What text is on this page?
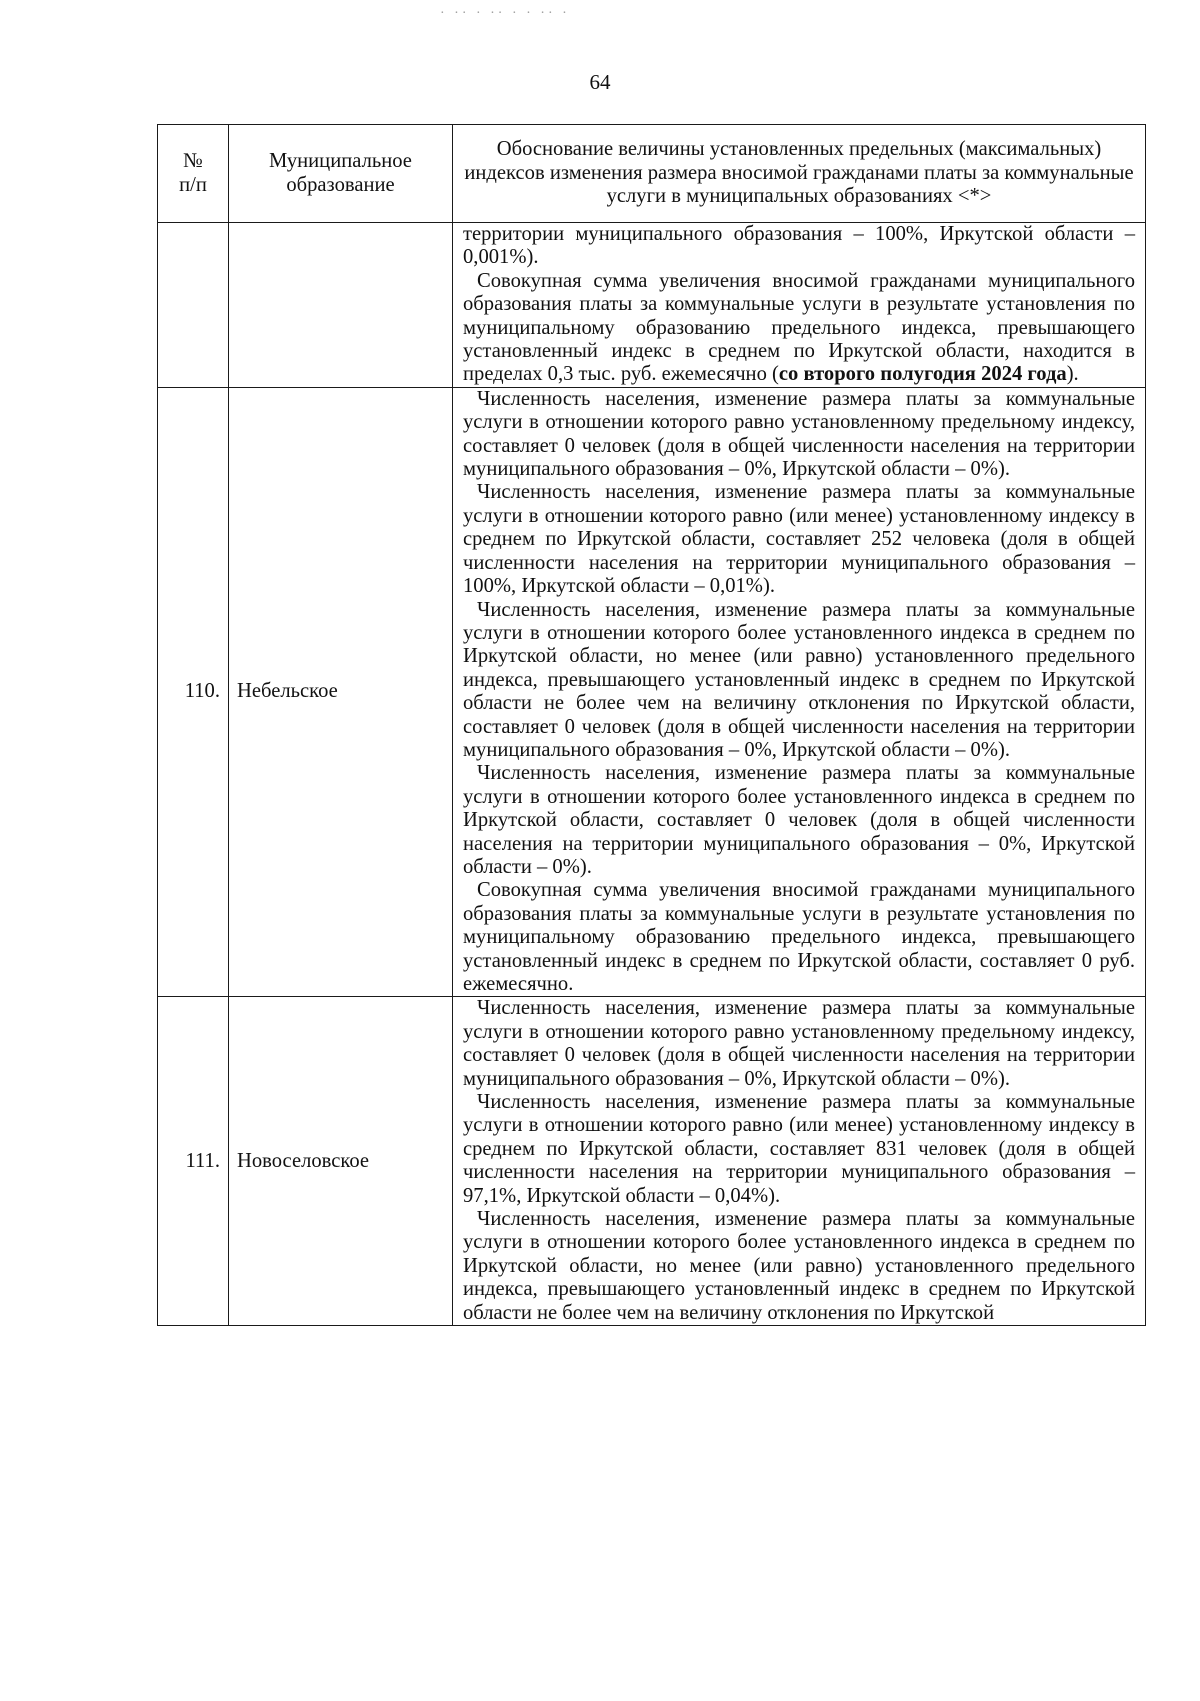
· ·· · ·· · · ·· ·
64
№ п/п	Муниципальное образование	Обоснование величины установленных предельных (максимальных) индексов изменения размера вносимой гражданами платы за коммунальные услуги в муниципальных образованиях <*>

		территории муниципального образования – 100%, Иркутской области – 0,001%).

Совокупная сумма увеличения вносимой гражданами муниципального образования платы за коммунальные услуги в результате установления по муниципальному образованию предельного индекса, превышающего установленный индекс в среднем по Иркутской области, находится в пределах 0,3 тыс. руб. ежемесячно (со второго полугодия 2024 года).

110.	Небельское	Численность населения, изменение размера платы за коммунальные услуги в отношении которого равно установленному предельному индексу, составляет 0 человек (доля в общей численности населения на территории муниципального образования – 0%, Иркутской области – 0%).

Численность населения, изменение размера платы за коммунальные услуги в отношении которого равно (или менее) установленному индексу в среднем по Иркутской области, составляет 252 человека (доля в общей численности населения на территории муниципального образования – 100%, Иркутской области – 0,01%).

Численность населения, изменение размера платы за коммунальные услуги в отношении которого более установленного индекса в среднем по Иркутской области, но менее (или равно) установленного предельного индекса, превышающего установленный индекс в среднем по Иркутской области не более чем на величину отклонения по Иркутской области, составляет 0 человек (доля в общей численности населения на территории муниципального образования – 0%, Иркутской области – 0%).

Численность населения, изменение размера платы за коммунальные услуги в отношении которого более установленного индекса в среднем по Иркутской области, составляет 0 человек (доля в общей численности населения на территории муниципального образования – 0%, Иркутской области – 0%).

Совокупная сумма увеличения вносимой гражданами муниципального образования платы за коммунальные услуги в результате установления по муниципальному образованию предельного индекса, превышающего установленный индекс в среднем по Иркутской области, составляет 0 руб. ежемесячно.

111.	Новоселовское	Численность населения, изменение размера платы за коммунальные услуги в отношении которого равно установленному предельному индексу, составляет 0 человек (доля в общей численности населения на территории муниципального образования – 0%, Иркутской области – 0%).

Численность населения, изменение размера платы за коммунальные услуги в отношении которого равно (или менее) установленному индексу в среднем по Иркутской области, составляет 831 человек (доля в общей численности населения на территории муниципального образования – 97,1%, Иркутской области – 0,04%).

Численность населения, изменение размера платы за коммунальные услуги в отношении которого более установленного индекса в среднем по Иркутской области, но менее (или равно) установленного предельного индекса, превышающего установленный индекс в среднем по Иркутской области не более чем на величину отклонения по Иркутской
